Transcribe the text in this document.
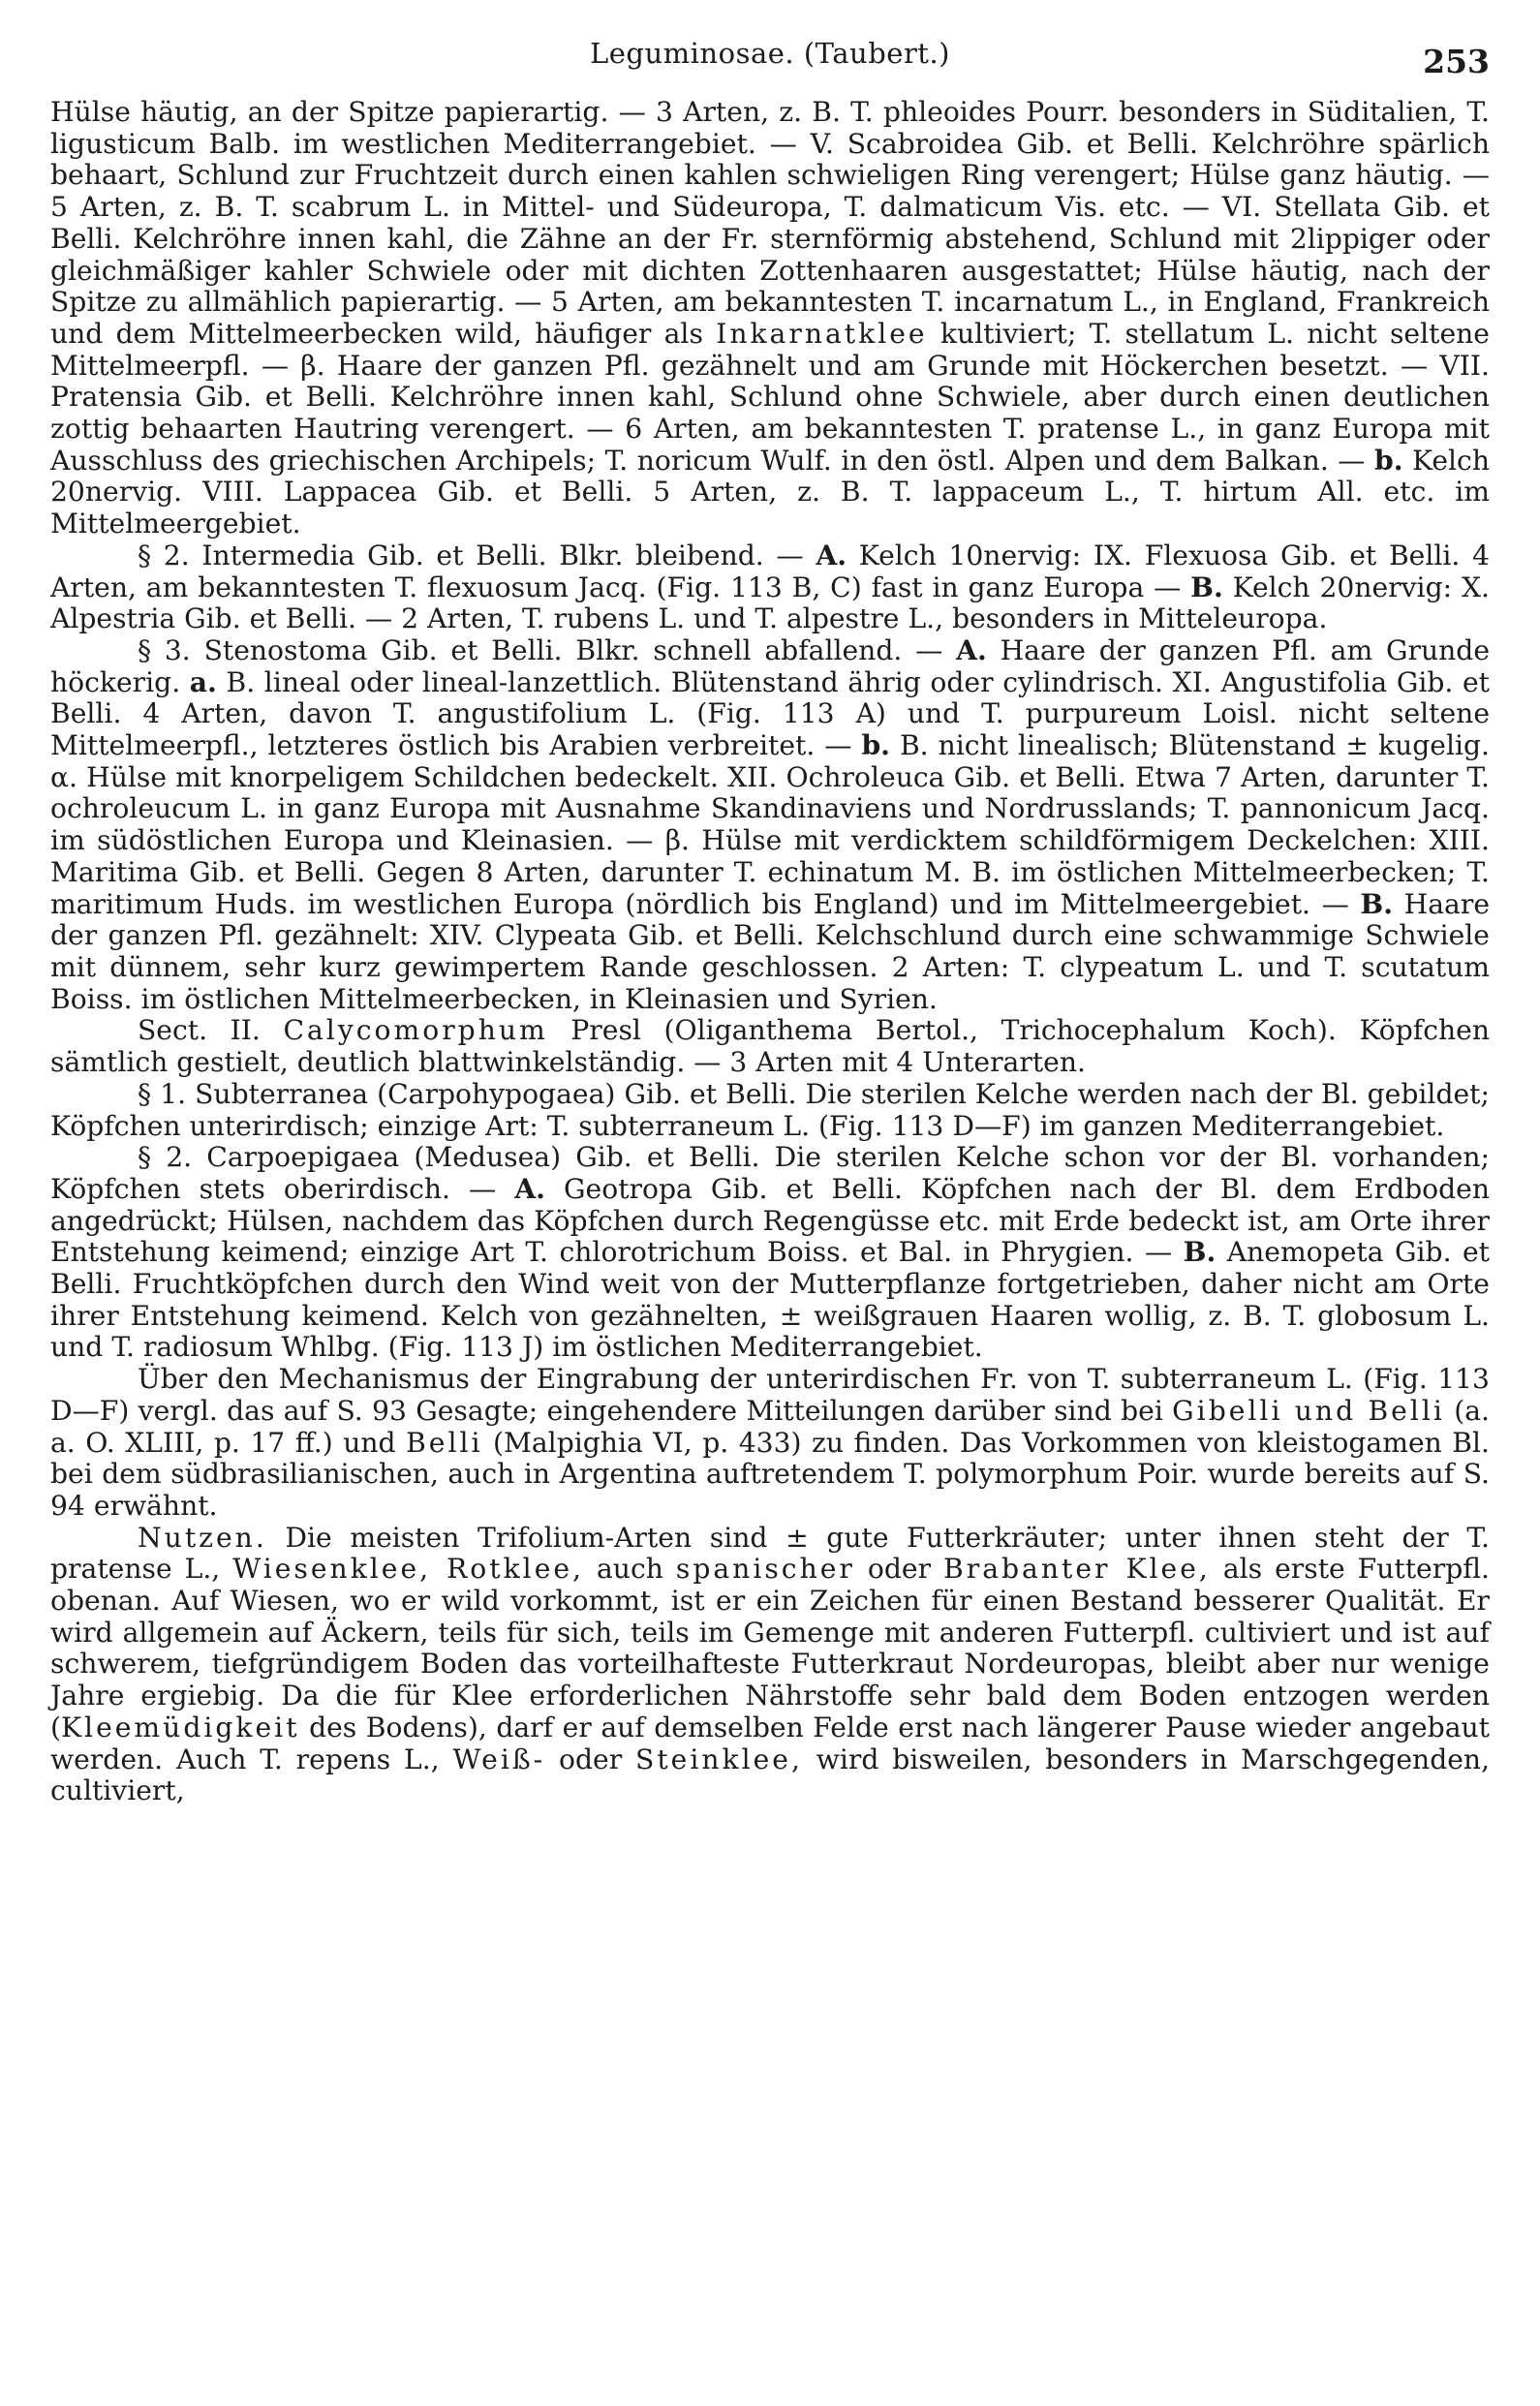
Leguminosae. (Taubert.)	253

Hülse häutig, an der Spitze papierartig. — 3 Arten, z. B. T. phleoides Pourr. besonders in Süditalien, T. ligusticum Balb. im westlichen Mediterrangebiet. — V. Scabroidea Gib. et Belli. Kelchröhre spärlich behaart, Schlund zur Fruchtzeit durch einen kahlen schwieligen Ring verengert; Hülse ganz häutig. — 5 Arten, z. B. T. scabrum L. in Mittel- und Südeuropa, T. dalmaticum Vis. etc. — VI. Stellata Gib. et Belli. Kelchröhre innen kahl, die Zähne an der Fr. sternförmig abstehend, Schlund mit 2lippiger oder gleichmäßiger kahler Schwiele oder mit dichten Zottenhaaren ausgestattet; Hülse häutig, nach der Spitze zu allmählich papierartig. — 5 Arten, am bekanntesten T. incarnatum L., in England, Frankreich und dem Mittelmeerbecken wild, häufiger als Inkarnatklee kultiviert; T. stellatum L. nicht seltene Mittelmeerpfl. — β. Haare der ganzen Pfl. gezähnelt und am Grunde mit Höckerchen besetzt. — VII. Pratensia Gib. et Belli. Kelchröhre innen kahl, Schlund ohne Schwiele, aber durch einen deutlichen zottig behaarten Hautring verengert. — 6 Arten, am bekanntesten T. pratense L., in ganz Europa mit Ausschluss des griechischen Archipels; T. noricum Wulf. in den östl. Alpen und dem Balkan. — b. Kelch 20nervig. VIII. Lappacea Gib. et Belli. 5 Arten, z. B. T. lappaceum L., T. hirtum All. etc. im Mittelmeergebiet.

§ 2. Intermedia Gib. et Belli. Blkr. bleibend. — A. Kelch 10nervig: IX. Flexuosa Gib. et Belli. 4 Arten, am bekanntesten T. flexuosum Jacq. (Fig. 113 B, C) fast in ganz Europa — B. Kelch 20nervig: X. Alpestria Gib. et Belli. — 2 Arten, T. rubens L. und T. alpestre L., besonders in Mitteleuropa.

§ 3. Stenostoma Gib. et Belli. Blkr. schnell abfallend. — A. Haare der ganzen Pfl. am Grunde höckerig. a. B. lineal oder lineal-lanzettlich. Blütenstand ährig oder cylindrisch. XI. Angustifolia Gib. et Belli. 4 Arten, davon T. angustifolium L. (Fig. 113 A) und T. purpureum Loisl. nicht seltene Mittelmeerpfl., letzteres östlich bis Arabien verbreitet. — b. B. nicht linealisch; Blütenstand ± kugelig. α. Hülse mit knorpeligem Schildchen bedeckelt. XII. Ochroleuca Gib. et Belli. Etwa 7 Arten, darunter T. ochroleucum L. in ganz Europa mit Ausnahme Skandinaviens und Nordrusslands; T. pannonicum Jacq. im südöstlichen Europa und Kleinasien. — β. Hülse mit verdicktem schildförmigem Deckelchen: XIII. Maritima Gib. et Belli. Gegen 8 Arten, darunter T. echinatum M. B. im östlichen Mittelmeerbecken; T. maritimum Huds. im westlichen Europa (nördlich bis England) und im Mittelmeergebiet. — B. Haare der ganzen Pfl. gezähnelt: XIV. Clypeata Gib. et Belli. Kelchschlund durch eine schwammige Schwiele mit dünnem, sehr kurz gewimpertem Rande geschlossen. 2 Arten: T. clypeatum L. und T. scutatum Boiss. im östlichen Mittelmeerbecken, in Kleinasien und Syrien.

Sect. II. Calycomorphum Presl (Oliganthema Bertol., Trichocephalum Koch). Köpfchen sämtlich gestielt, deutlich blattwinkelständig. — 3 Arten mit 4 Unterarten.

§ 1. Subterranea (Carpohypogaea) Gib. et Belli. Die sterilen Kelche werden nach der Bl. gebildet; Köpfchen unterirdisch; einzige Art: T. subterraneum L. (Fig. 113 D—F) im ganzen Mediterrangebiet.

§ 2. Carpoepigaea (Medusea) Gib. et Belli. Die sterilen Kelche schon vor der Bl. vorhanden; Köpfchen stets oberirdisch. — A. Geotropa Gib. et Belli. Köpfchen nach der Bl. dem Erdboden angedrückt; Hülsen, nachdem das Köpfchen durch Regengüsse etc. mit Erde bedeckt ist, am Orte ihrer Entstehung keimend; einzige Art T. chlorotrichum Boiss. et Bal. in Phrygien. — B. Anemopeta Gib. et Belli. Fruchtköpfchen durch den Wind weit von der Mutterpflanze fortgetrieben, daher nicht am Orte ihrer Entstehung keimend. Kelch von gezähnelten, ± weißgrauen Haaren wollig, z. B. T. globosum L. und T. radiosum Whlbg. (Fig. 113 J) im östlichen Mediterrangebiet.

Über den Mechanismus der Eingrabung der unterirdischen Fr. von T. subterraneum L. (Fig. 113 D—F) vergl. das auf S. 93 Gesagte; eingehendere Mitteilungen darüber sind bei Gibelli und Belli (a. a. O. XLIII, p. 17 ff.) und Belli (Malpighia VI, p. 433) zu finden. Das Vorkommen von kleistogamen Bl. bei dem südbrasilianischen, auch in Argentina auftretendem T. polymorphum Poir. wurde bereits auf S. 94 erwähnt.

Nutzen. Die meisten Trifolium-Arten sind ± gute Futterkräuter; unter ihnen steht der T. pratense L., Wiesenklee, Rotklee, auch spanischer oder Brabanter Klee, als erste Futterpfl. obenan. Auf Wiesen, wo er wild vorkommt, ist er ein Zeichen für einen Bestand besserer Qualität. Er wird allgemein auf Äckern, teils für sich, teils im Gemenge mit anderen Futterpfl. cultiviert und ist auf schwerem, tiefgründigem Boden das vorteilhafteste Futterkraut Nordeuropas, bleibt aber nur wenige Jahre ergiebig. Da die für Klee erforderlichen Nährstoffe sehr bald dem Boden entzogen werden (Kleemüdigkeit des Bodens), darf er auf demselben Felde erst nach längerer Pause wieder angebaut werden. Auch T. repens L., Weiß- oder Steinklee, wird bisweilen, besonders in Marschgegenden, cultiviert,
